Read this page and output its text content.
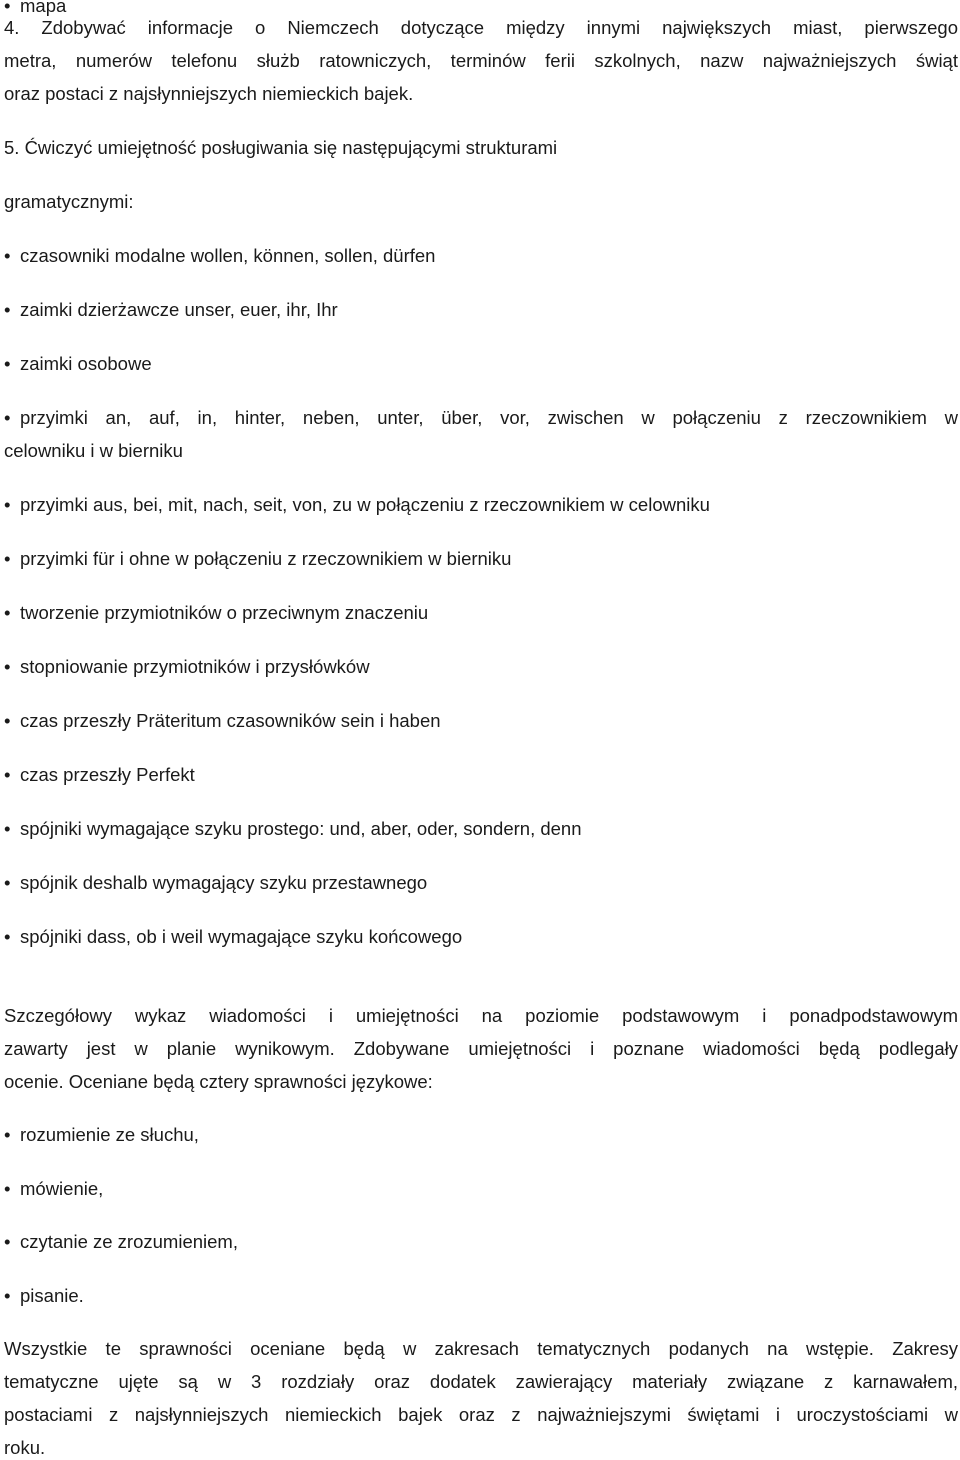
• mapa
4. Zdobywać informacje o Niemczech dotyczące między innymi największych miast, pierwszego
metra, numerów telefonu służb ratowniczych, terminów ferii szkolnych, nazw najważniejszych świąt
oraz postaci z najsłynniejszych niemieckich bajek.
5. Ćwiczyć umiejętność posługiwania się następującymi strukturami
gramatycznymi:
• czasowniki modalne wollen, können, sollen, dürfen
• zaimki dzierżawcze unser, euer, ihr, Ihr
• zaimki osobowe
• przyimki an, auf, in, hinter, neben, unter, über, vor, zwischen w połączeniu z rzeczownikiem w
celowniku i w bierniku
• przyimki aus, bei, mit, nach, seit, von, zu w połączeniu z rzeczownikiem w celowniku
• przyimki für i ohne w połączeniu z rzeczownikiem w bierniku
• tworzenie przymiotników o przeciwnym znaczeniu
• stopniowanie przymiotników i przysłówków
• czas przeszły Präteritum czasowników sein i haben
• czas przeszły Perfekt
• spójniki wymagające szyku prostego: und, aber, oder, sondern, denn
• spójnik deshalb wymagający szyku przestawnego
• spójniki dass, ob i weil wymagające szyku końcowego
Szczegółowy wykaz wiadomości i umiejętności na poziomie podstawowym i ponadpodstawowym
zawarty jest w planie wynikowym. Zdobywane umiejętności i poznane wiadomości będą podlegały
ocenie. Oceniane będą cztery sprawności językowe:
• rozumienie ze słuchu,
• mówienie,
• czytanie ze zrozumieniem,
• pisanie.
Wszystkie te sprawności oceniane będą w zakresach tematycznych podanych na wstępie. Zakresy
tematyczne ujęte są w 3 rozdziały oraz dodatek zawierający materiały związane z karnawałem,
postaciami z najsłynniejszych niemieckich bajek oraz z najważniejszymi świętami i uroczystościami w
roku.
